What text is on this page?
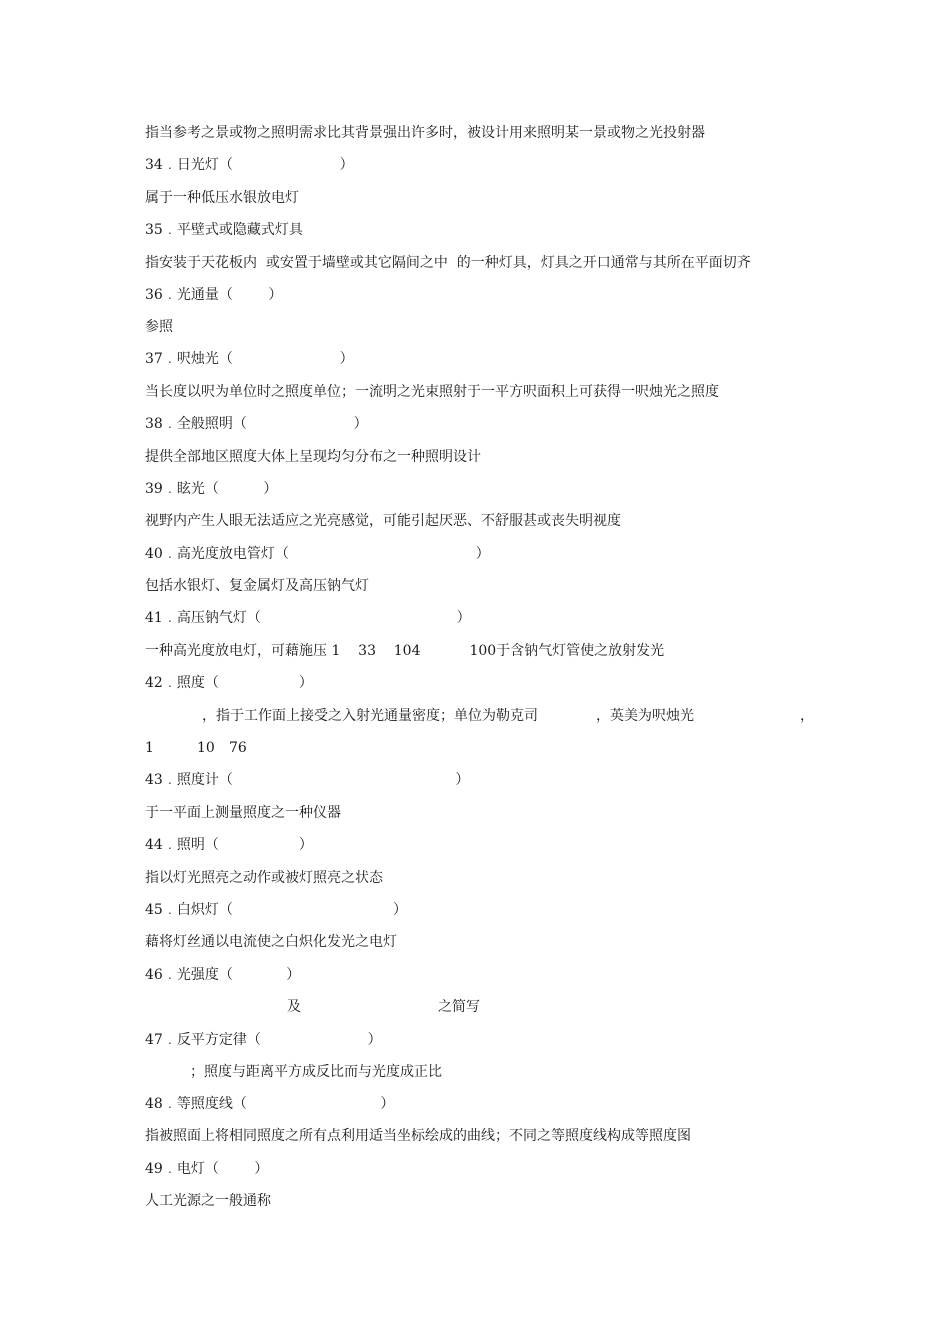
指当参考之景或物之照明需求比其背景强出许多时，被设计用来照明某一景或物之光投射器
34﹒日光灯（                        ）
属于一种低压水银放电灯
35﹒平壁式或隐藏式灯具
指安装于天花板内  或安置于墙壁或其它隔间之中  的一种灯具，灯具之开口通常与其所在平面切齐
36﹒光通量（        ）
参照
37﹒呎烛光（                        ）
当长度以呎为单位时之照度单位；一流明之光束照射于一平方呎面积上可获得一呎烛光之照度
38﹒全般照明（                        ）
提供全部地区照度大体上呈现均匀分布之一种照明设计
39﹒眩光（          ）
视野内产生人眼无法适应之光亮感觉，可能引起厌恶、不舒服甚或丧失明视度
40﹒高光度放电管灯（                                          ）
包括水银灯、复金属灯及高压钠气灯
41﹒高压钠气灯（                                            ）
一种高光度放电灯，可藉施压 1    33    104           100于含钠气灯管使之放射发光
42﹒照度（                  ）
，指于工作面上接受之入射光通量密度；单位为勒克司	，英美为呎烛光	，
1	10 76
43﹒照度计（                                                  ）
于一平面上测量照度之一种仪器
44﹒照明（                  ）
指以灯光照亮之动作或被灯照亮之状态
45﹒白炽灯（                                    ）
藉将灯丝通以电流使之白炽化发光之电灯
46﹒光强度（            ）
及	之简写
47﹒反平方定律（                        ）
；照度与距离平方成反比而与光度成正比
48﹒等照度线（                              ）
指被照面上将相同照度之所有点利用适当坐标绘成的曲线；不同之等照度线构成等照度图
49﹒电灯（        ）
人工光源之一般通称
